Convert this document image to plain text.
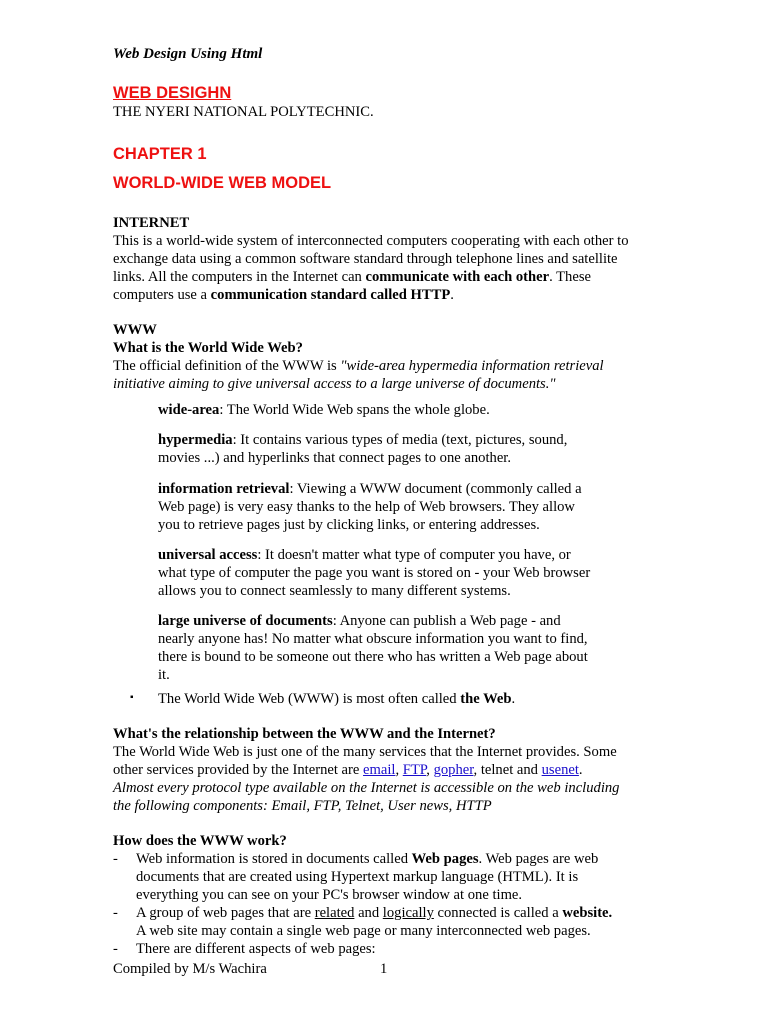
Web Design Using Html
WEB DESIGHN
THE NYERI NATIONAL POLYTECHNIC.
CHAPTER 1
WORLD-WIDE WEB MODEL
INTERNET
This is a world-wide system of interconnected computers cooperating with each other to
exchange data using a common software standard through telephone lines and satellite
links. All the computers in the Internet can communicate with each other. These
computers use a communication standard called HTTP.
WWW
What is the World Wide Web?
The official definition of the WWW is "wide-area hypermedia information retrieval
initiative aiming to give universal access to a large universe of documents."
wide-area: The World Wide Web spans the whole globe.
hypermedia: It contains various types of media (text, pictures, sound,
movies ...) and hyperlinks that connect pages to one another.
information retrieval: Viewing a WWW document (commonly called a
Web page) is very easy thanks to the help of Web browsers. They allow
you to retrieve pages just by clicking links, or entering addresses.
universal access: It doesn't matter what type of computer you have, or
what type of computer the page you want is stored on - your Web browser
allows you to connect seamlessly to many different systems.
large universe of documents: Anyone can publish a Web page - and
nearly anyone has! No matter what obscure information you want to find,
there is bound to be someone out there who has written a Web page about
it.
▪ The World Wide Web (WWW) is most often called the Web.
What's the relationship between the WWW and the Internet?
The World Wide Web is just one of the many services that the Internet provides. Some
other services provided by the Internet are email, FTP, gopher, telnet and usenet.
Almost every protocol type available on the Internet is accessible on the web including
the following components: Email, FTP, Telnet, User news, HTTP
How does the WWW work?
- Web information is stored in documents called Web pages. Web pages are web
documents that are created using Hypertext markup language (HTML). It is
everything you can see on your PC's browser window at one time.
- A group of web pages that are related and logically connected is called a website.
A web site may contain a single web page or many interconnected web pages.
- There are different aspects of web pages:
Compiled by M/s Wachira	1
